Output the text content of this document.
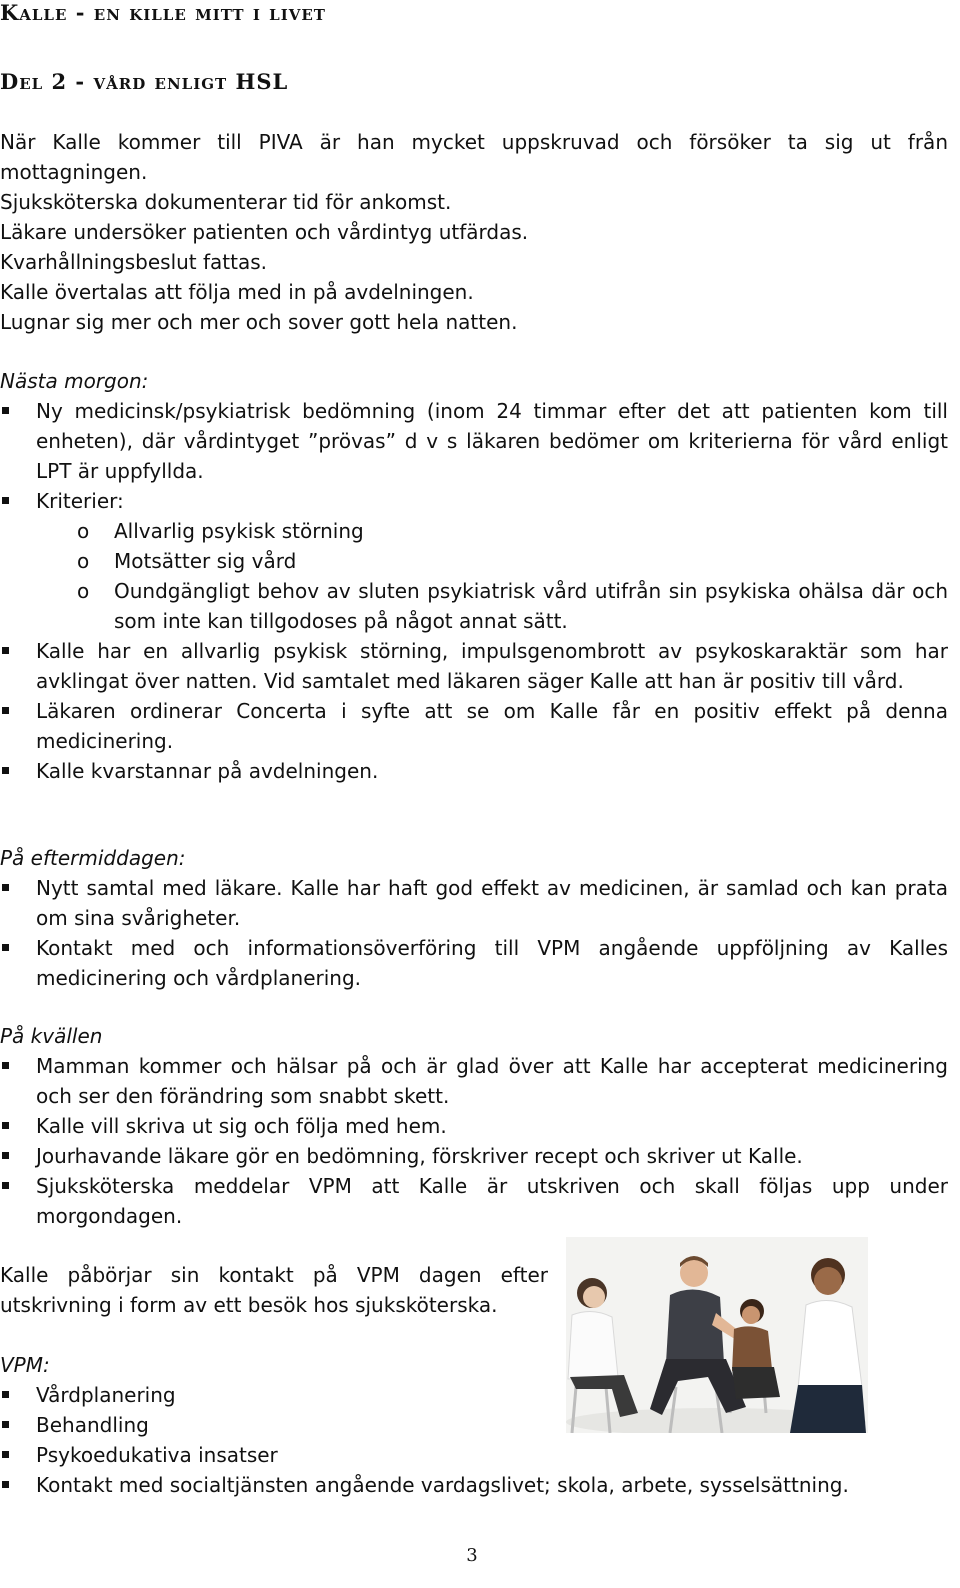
Kalle - en kille mitt i livet
Del 2 - vård enligt HSL
När Kalle kommer till PIVA är han mycket uppskruvad och försöker ta sig ut från mottagningen.
Sjuksköterska dokumenterar tid för ankomst.
Läkare undersöker patienten och vårdintyg utfärdas.
Kvarhållningsbeslut fattas.
Kalle övertalas att följa med in på avdelningen.
Lugnar sig mer och mer och sover gott hela natten.

Nästa morgon:

Ny medicinsk/psykiatrisk bedömning (inom 24 timmar efter det att patienten kom till enheten), där vårdintyget ”prövas” d v s läkaren bedömer om kriterierna för vård enligt LPT är uppfyllda.
Kriterier:
o Allvarlig psykisk störning
o Motsätter sig vård
o Oundgängligt behov av sluten psykiatrisk vård utifrån sin psykiska ohälsa där och som inte kan tillgodoses på något annat sätt.
Kalle har en allvarlig psykisk störning, impulsgenombrott av psykoskaraktär som har avklingat över natten. Vid samtalet med läkaren säger Kalle att han är positiv till vård.
Läkaren ordinerar Concerta i syfte att se om Kalle får en positiv effekt på denna medicinering.
Kalle kvarstannar på avdelningen.

På eftermiddagen:

Nytt samtal med läkare. Kalle har haft god effekt av medicinen, är samlad och kan prata om sina svårigheter.
Kontakt med och informationsöverföring till VPM angående uppföljning av Kalles medicinering och vårdplanering.

På kvällen

Mamman kommer och hälsar på och är glad över att Kalle har accepterat medicinering och ser den förändring som snabbt skett.
Kalle vill skriva ut sig och följa med hem.
Jourhavande läkare gör en bedömning, förskriver recept och skriver ut Kalle.
Sjuksköterska meddelar VPM att Kalle är utskriven och skall följas upp under morgondagen.

Kalle påbörjar sin kontakt på VPM dagen efter utskrivning i form av ett besök hos sjuksköterska.

VPM:

Vårdplanering
Behandling
Psykoedukativa insatser
Kontakt med socialtjänsten angående vardagslivet; skola, arbete, sysselsättning.
3
